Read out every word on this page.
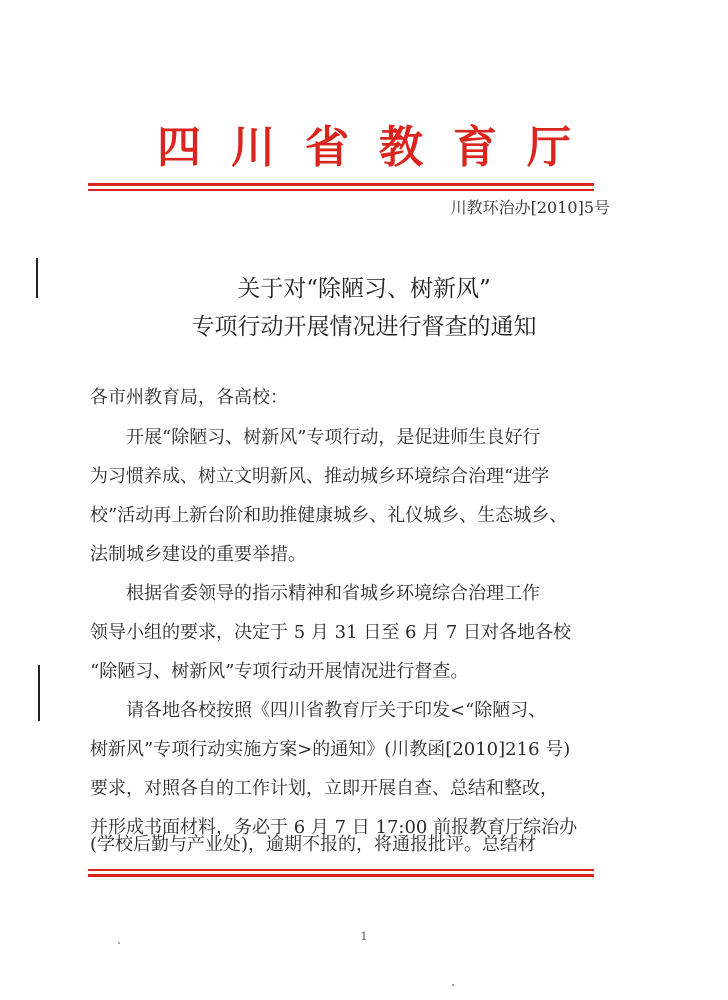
四川省教育厅
川教环治办[2010]5号
关于对“除陋习、树新风”
专项行动开展情况进行督查的通知
各市州教育局，各高校：
开展“除陋习、树新风”专项行动，是促进师生良好行
为习惯养成、树立文明新风、推动城乡环境综合治理“进学
校”活动再上新台阶和助推健康城乡、礼仪城乡、生态城乡、
法制城乡建设的重要举措。
根据省委领导的指示精神和省城乡环境综合治理工作
领导小组的要求，决定于 5 月 31 日至 6 月 7 日对各地各校
“除陋习、树新风”专项行动开展情况进行督查。
请各地各校按照《四川省教育厅关于印发<“除陋习、
树新风”专项行动实施方案>的通知》(川教函[2010]216 号)
要求，对照各自的工作计划，立即开展自查、总结和整改，
并形成书面材料，务必于 6 月 7 日 17:00 前报教育厅综治办
(学校后勤与产业处)，逾期不报的，将通报批评。总结材
1
